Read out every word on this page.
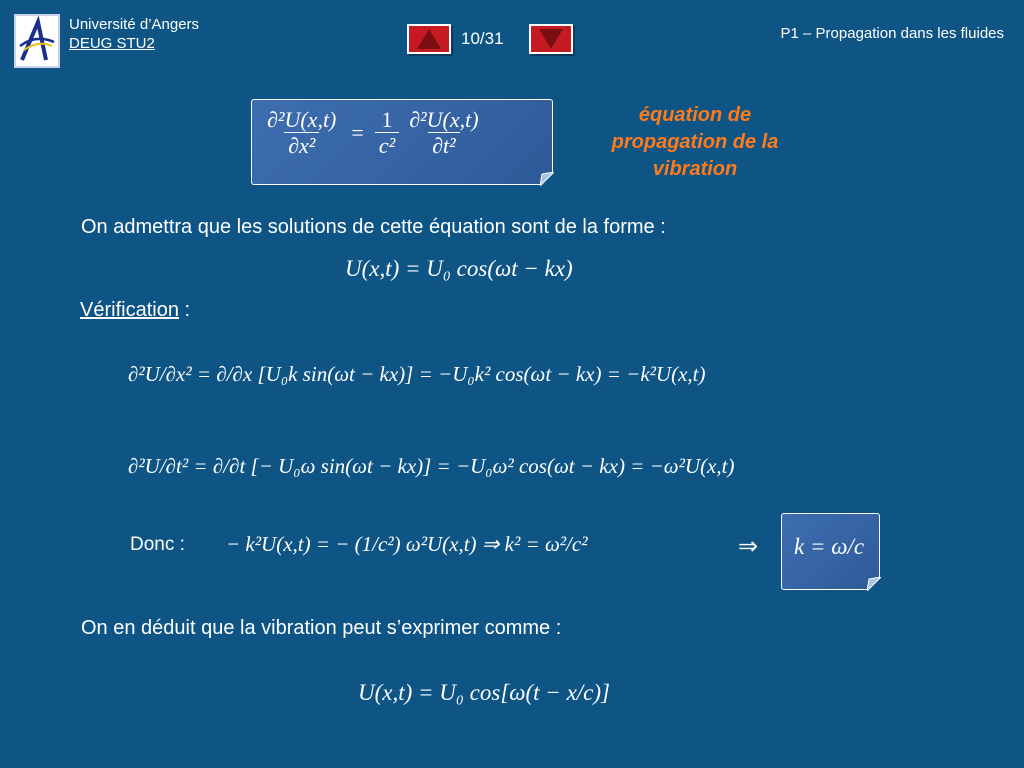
Université d’Angers
DEUG STU2	10/31	P1 – Propagation dans les fluides
$\frac{\text{∂²U(x,t)}}{\text{∂x²}} = \frac{1}{\text{c²}} \frac{\text{∂²U(x,t)}}{\text{∂t²}}$	équation de propagation de la vibration
On admettra que les solutions de cette équation sont de la forme :
U(x,t) = U₀ cos(ωt − kx)
Vérification :
∂²U/∂x² = ∂/∂x [U₀k sin(ωt − kx)] = −U₀k² cos(ωt − kx) = −k²U(x,t)
∂²U/∂t² = ∂/∂t [− U₀ω sin(ωt − kx)] = −U₀ω² cos(ωt − kx) = −ω²U(x,t)
Donc : − k²U(x,t) = − (1/c²) ω²U(x,t) ⇒ k² = ω²/c²	⇒ k = ω/c
On en déduit que la vibration peut s’exprimer comme :
U(x,t) = U₀ cos[ω(t − x/c)]
